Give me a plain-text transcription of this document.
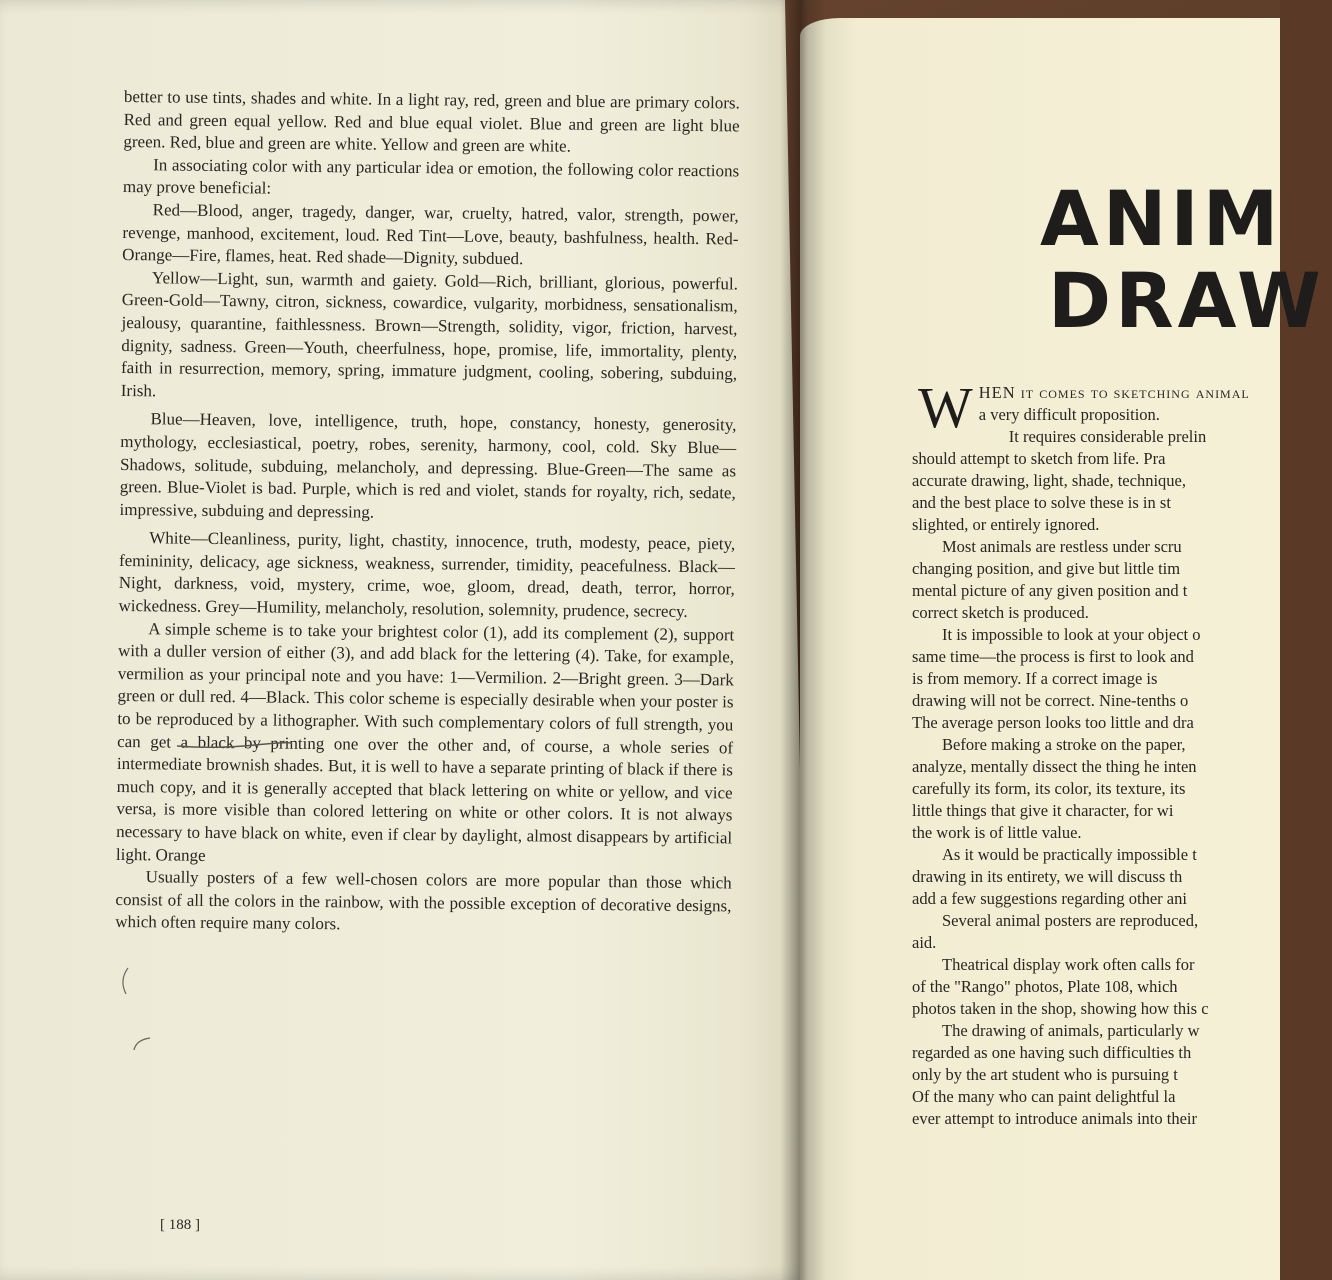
better to use tints, shades and white. In a light ray, red, green and blue are primary colors. Red and green equal yellow. Red and blue equal violet. Blue and green are light blue green. Red, blue and green are white. Yellow and green are white.

In associating color with any particular idea or emotion, the following color reactions may prove beneficial:

Red—Blood, anger, tragedy, danger, war, cruelty, hatred, valor, strength, power, revenge, manhood, excitement, loud. Red Tint—Love, beauty, bashfulness, health. Red-Orange—Fire, flames, heat. Red shade—Dignity, subdued.

Yellow—Light, sun, warmth and gaiety. Gold—Rich, brilliant, glorious, powerful. Green-Gold—Tawny, citron, sickness, cowardice, vulgarity, morbidness, sensationalism, jealousy, quarantine, faithlessness. Brown—Strength, solidity, vigor, friction, harvest, dignity, sadness. Green—Youth, cheerfulness, hope, promise, life, immortality, plenty, faith in resurrection, memory, spring, immature judgment, cooling, sobering, subduing, Irish.

Blue—Heaven, love, intelligence, truth, hope, constancy, honesty, generosity, mythology, ecclesiastical, poetry, robes, serenity, harmony, cool, cold. Sky Blue—Shadows, solitude, subduing, melancholy, and depressing. Blue-Green—The same as green. Blue-Violet is bad. Purple, which is red and violet, stands for royalty, rich, sedate, impressive, subduing and depressing.

White—Cleanliness, purity, light, chastity, innocence, truth, modesty, peace, piety, femininity, delicacy, age sickness, weakness, surrender, timidity, peacefulness. Black—Night, darkness, void, mystery, crime, woe, gloom, dread, death, terror, horror, wickedness. Grey—Humility, melancholy, resolution, solemnity, prudence, secrecy.

A simple scheme is to take your brightest color (1), add its complement (2), support with a duller version of either (3), and add black for the lettering (4). Take, for example, vermilion as your principal note and you have: 1—Vermilion. 2—Bright green. 3—Dark green or dull red. 4—Black. This color scheme is especially desirable when your poster is to be reproduced by a lithographer. With such complementary colors of full strength, you can get a black by printing one over the other and, of course, a whole series of intermediate brownish shades. But, it is well to have a separate printing of black if there is much copy, and it is generally accepted that black lettering on white or yellow, and vice versa, is more visible than colored lettering on white or other colors. It is not always necessary to have black on white, even if clear by daylight, almost disappears by artificial light. Orange

Usually posters of a few well-chosen colors are more popular than those which consist of all the colors in the rainbow, with the possible exception of decorative designs, which often require many colors.

[ 188 ]
ANIM
DRAW
W HEN it comes to sketching animal

a very difficult proposition.

It requires considerable prelin

should attempt to sketch from life. Pra

accurate drawing, light, shade, technique,

and the best place to solve these is in st

slighted, or entirely ignored.

Most animals are restless under scru

changing position, and give but little tim

mental picture of any given position and t

correct sketch is produced.

It is impossible to look at your object o

same time—the process is first to look and

is from memory. If a correct image is

drawing will not be correct. Nine-tenths o

The average person looks too little and dra

Before making a stroke on the paper,

analyze, mentally dissect the thing he inten

carefully its form, its color, its texture, its

little things that give it character, for wi

the work is of little value.

As it would be practically impossible t

drawing in its entirety, we will discuss th

add a few suggestions regarding other ani

Several animal posters are reproduced,

aid.

Theatrical display work often calls for

of the "Rango" photos, Plate 108, which

photos taken in the shop, showing how this c

The drawing of animals, particularly w

regarded as one having such difficulties th

only by the art student who is pursuing t

Of the many who can paint delightful la

ever attempt to introduce animals into their
